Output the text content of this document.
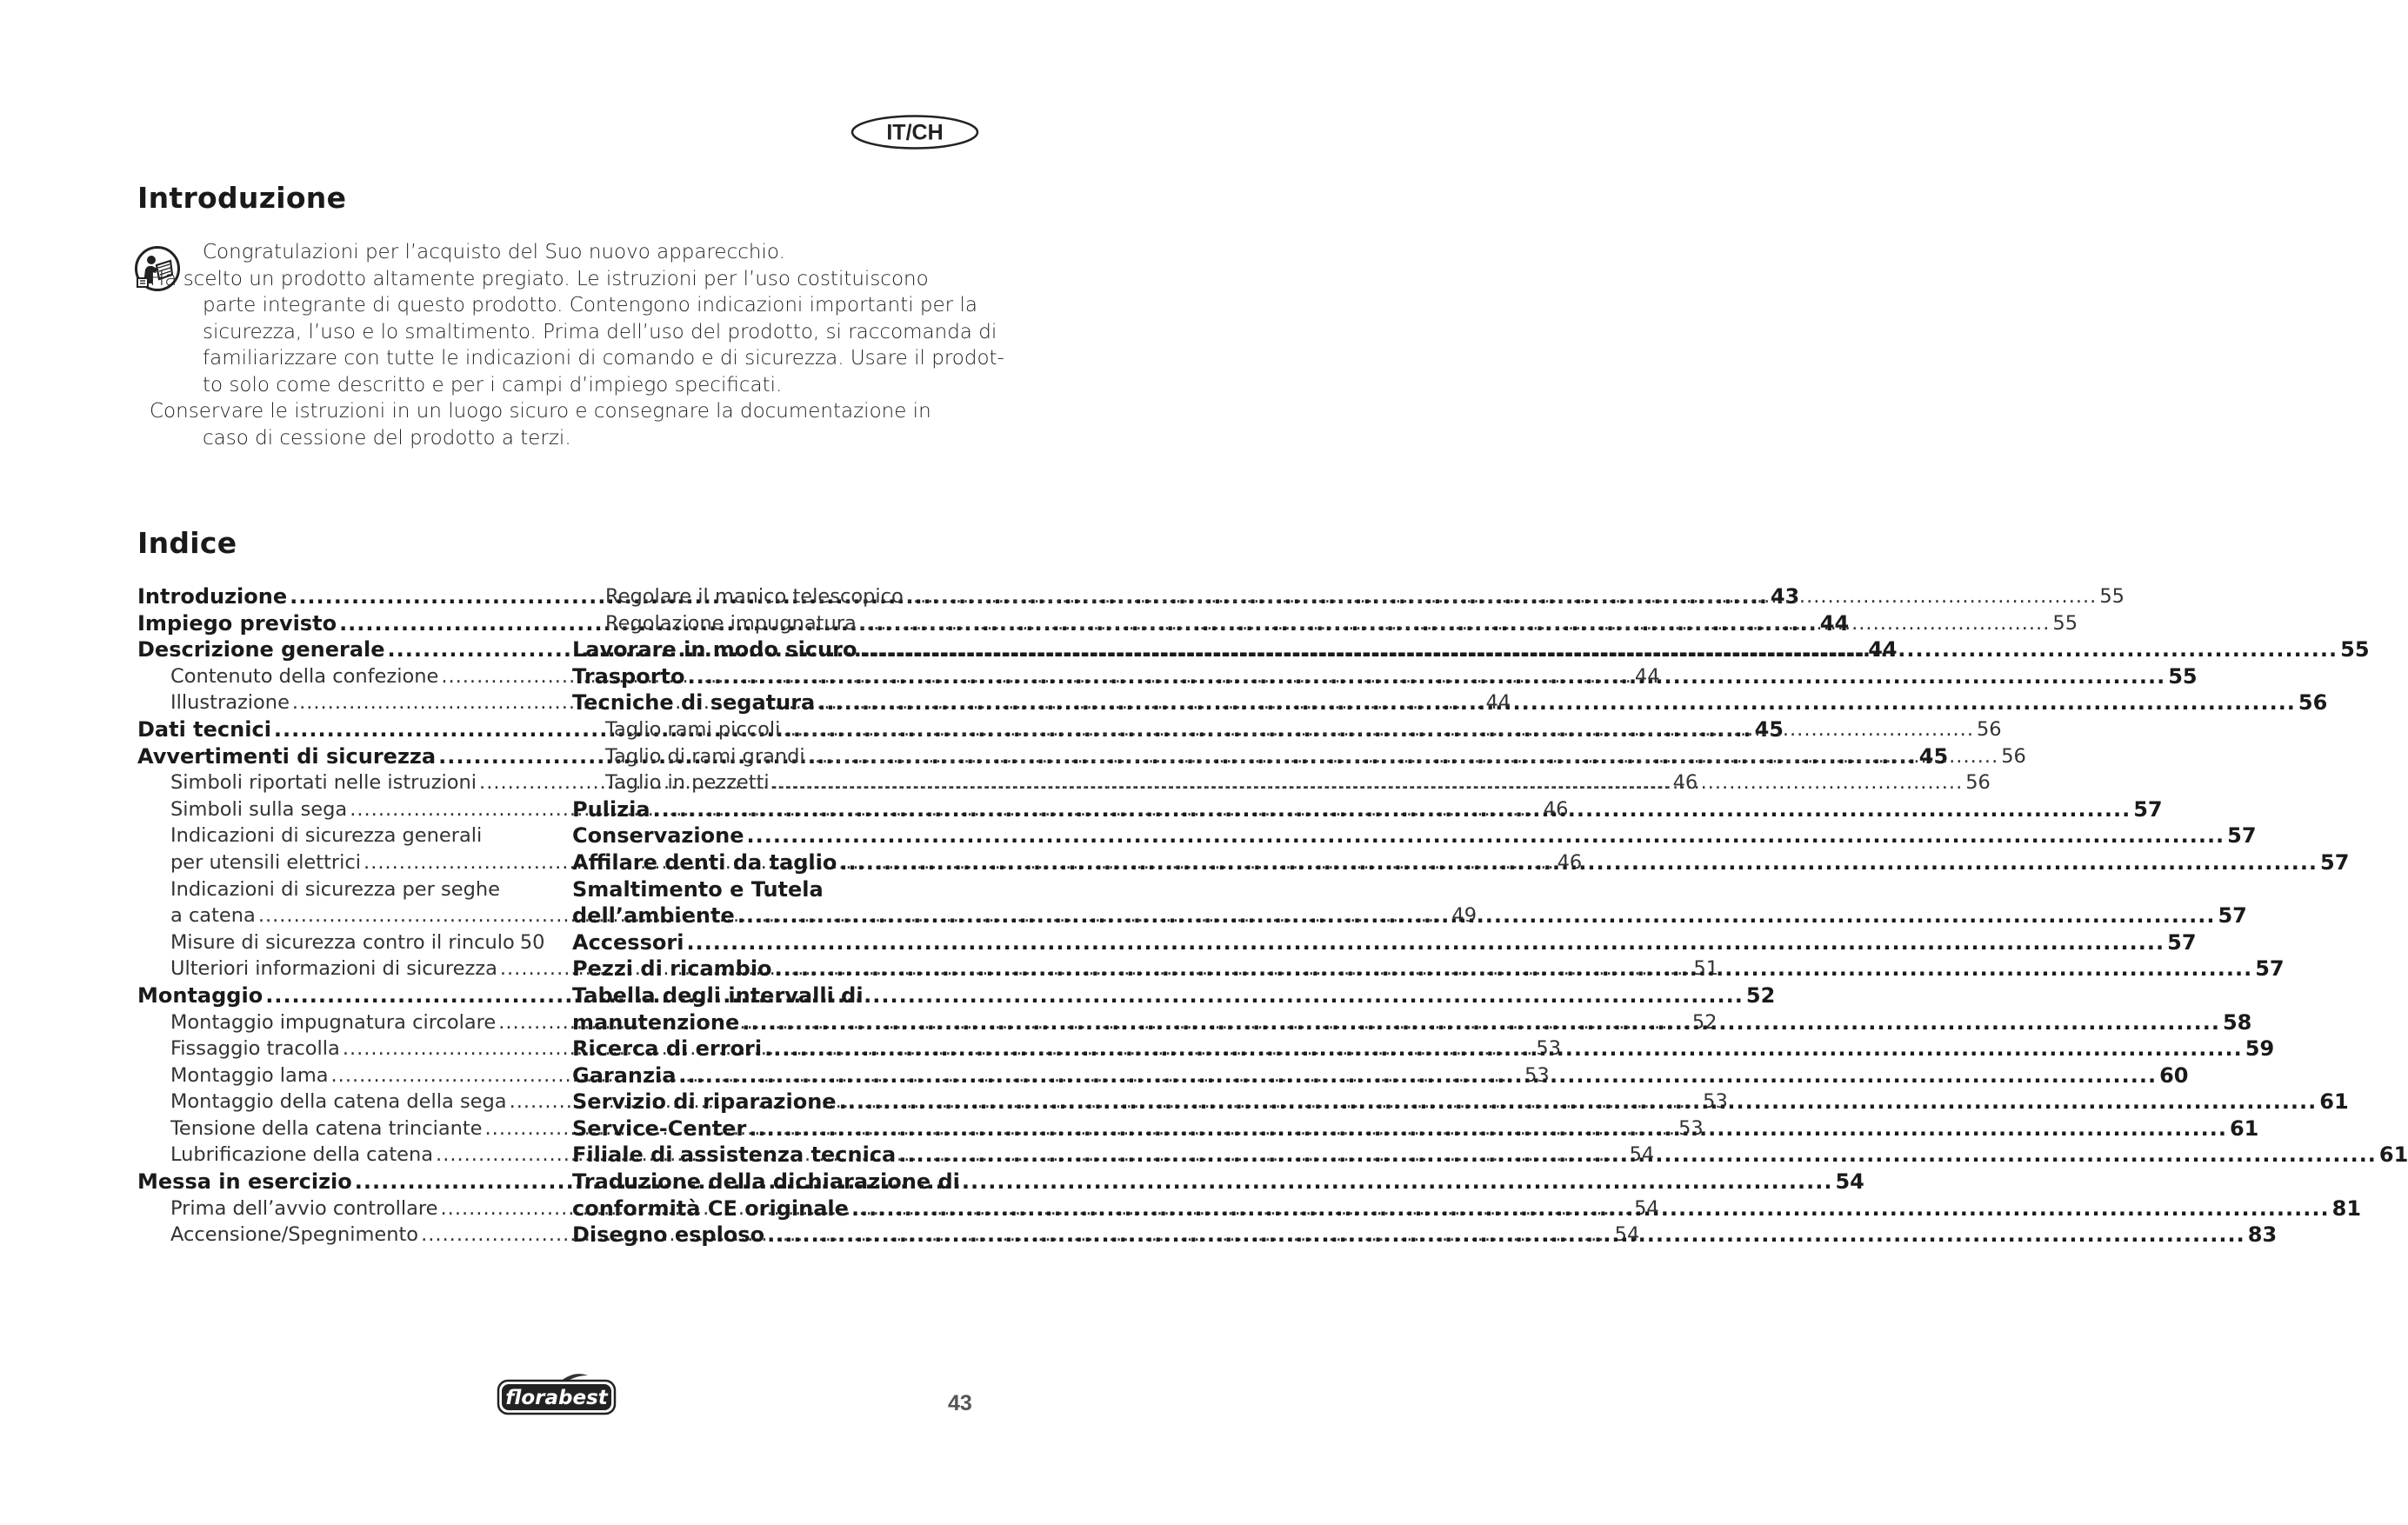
IT/CH
Introduzione
Congratulazioni per l’acquisto del Suo nuovo apparecchio.
Ha scelto un prodotto altamente pregiato. Le istruzioni per l’uso costituiscono
parte integrante di questo prodotto. Contengono indicazioni importanti per la
sicurezza, l’uso e lo smaltimento. Prima dell’uso del prodotto, si raccomanda di
familiarizzare con tutte le indicazioni di comando e di sicurezza. Usare il prodot-
to solo come descritto e per i campi d’impiego specificati.
Conservare le istruzioni in un luogo sicuro e consegnare la documentazione in
caso di cessione del prodotto a terzi.
Indice
Introduzione .....	43
Impiego previsto .....	44
Descrizione generale .....	44
Contenuto della confezione .....	44
Illustrazione .....	44
Dati tecnici .....	45
Avvertimenti di sicurezza .....	45
Simboli riportati nelle istruzioni .....	46
Simboli sulla sega .....	46
Indicazioni di sicurezza generali
per utensili elettrici .....	46
Indicazioni di sicurezza per seghe
a catena .....	49
Misure di sicurezza contro il rinculo 50
Ulteriori informazioni di sicurezza .....	51
Montaggio .....	52
Montaggio impugnatura circolare .....	52
Fissaggio tracolla .....	53
Montaggio lama .....	53
Montaggio della catena della sega .....	53
Tensione della catena trinciante .....	53
Lubrificazione della catena .....	54
Messa in esercizio .....	54
Prima dell’avvio controllare .....	54
Accensione/Spegnimento .....	54
Regolare il manico telescopico .....	55
Regolazione impugnatura .....	55
Lavorare in modo sicuro .....	55
Trasporto .....	55
Tecniche di segatura .....	56
Taglio rami piccoli .....	56
Taglio di rami grandi .....	56
Taglio in pezzetti .....	56
Pulizia .....	57
Conservazione .....	57
Affilare denti da taglio .....	57
Smaltimento e Tutela
dell’ambiente .....	57
Accessori .....	57
Pezzi di ricambio .....	57
Tabella degli intervalli di
manutenzione .....	58
Ricerca di errori .....	59
Garanzia .....	60
Servizio di riparazione .....	61
Service-Center .....	61
Filiale di assistenza tecnica .....	61
Traduzione della dichiarazione di
conformità CE originale .....	81
Disegno esploso .....	83
florabest	43
